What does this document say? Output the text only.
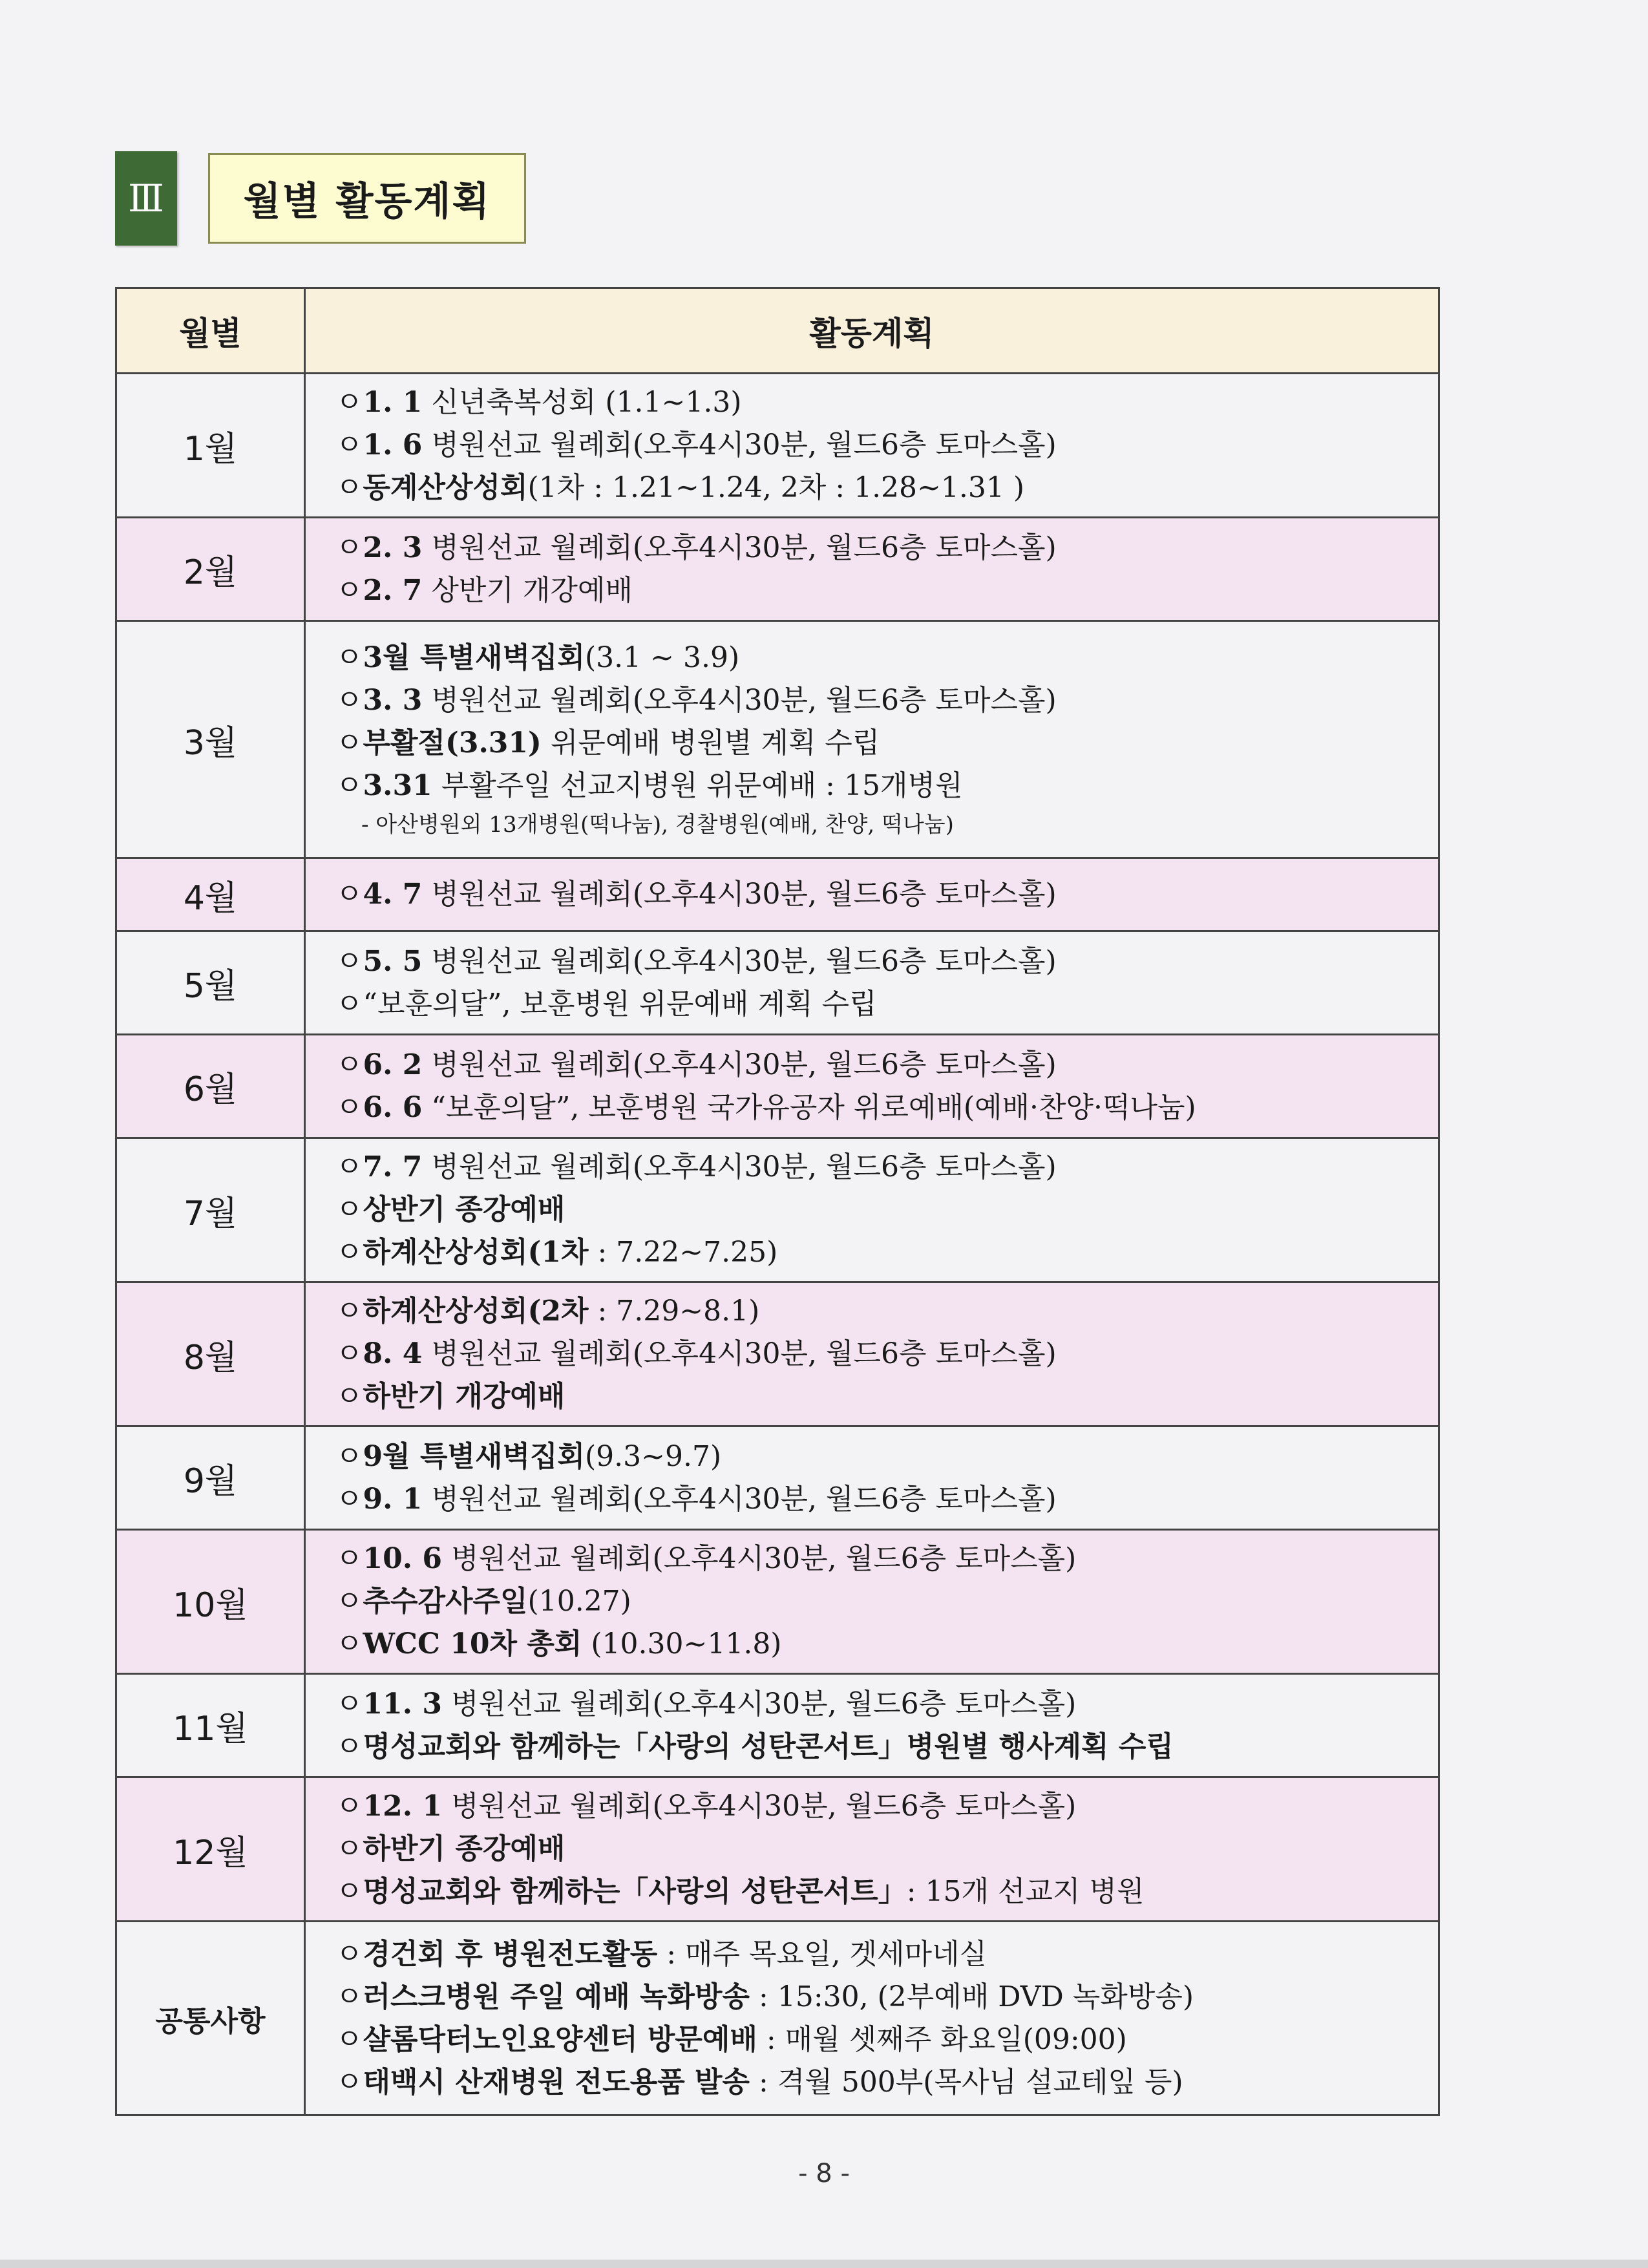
Ⅲ	월별 활동계획
월별	활동계획
1월	ㅇ1. 1 신년축복성회 (1.1~1.3)
ㅇ1. 6 병원선교 월례회(오후4시30분, 월드6층 토마스홀)
ㅇ동계산상성회(1차 : 1.21~1.24, 2차 : 1.28~1.31 )

2월	ㅇ2. 3 병원선교 월례회(오후4시30분, 월드6층 토마스홀)
ㅇ2. 7 상반기 개강예배

3월	ㅇ3월 특별새벽집회(3.1 ~ 3.9)
ㅇ3. 3 병원선교 월례회(오후4시30분, 월드6층 토마스홀)
ㅇ부활절(3.31) 위문예배 병원별 계획 수립
ㅇ3.31 부활주일 선교지병원 위문예배 : 15개병원
- 아산병원외 13개병원(떡나눔), 경찰병원(예배, 찬양, 떡나눔)

4월	ㅇ4. 7 병원선교 월례회(오후4시30분, 월드6층 토마스홀)

5월	ㅇ5. 5 병원선교 월례회(오후4시30분, 월드6층 토마스홀)
ㅇ“보훈의달”, 보훈병원 위문예배 계획 수립

6월	ㅇ6. 2 병원선교 월례회(오후4시30분, 월드6층 토마스홀)
ㅇ6. 6 “보훈의달”, 보훈병원 국가유공자 위로예배(예배·찬양·떡나눔)

7월	ㅇ7. 7 병원선교 월례회(오후4시30분, 월드6층 토마스홀)
ㅇ상반기 종강예배
ㅇ하계산상성회(1차 : 7.22~7.25)

8월	ㅇ하계산상성회(2차 : 7.29~8.1)
ㅇ8. 4 병원선교 월례회(오후4시30분, 월드6층 토마스홀)
ㅇ하반기 개강예배

9월	ㅇ9월 특별새벽집회(9.3~9.7)
ㅇ9. 1 병원선교 월례회(오후4시30분, 월드6층 토마스홀)

10월	ㅇ10. 6 병원선교 월례회(오후4시30분, 월드6층 토마스홀)
ㅇ추수감사주일(10.27)
ㅇWCC 10차 총회 (10.30~11.8)

11월	ㅇ11. 3 병원선교 월례회(오후4시30분, 월드6층 토마스홀)
ㅇ명성교회와 함께하는「사랑의 성탄콘서트」병원별 행사계획 수립

12월	ㅇ12. 1 병원선교 월례회(오후4시30분, 월드6층 토마스홀)
ㅇ하반기 종강예배
ㅇ명성교회와 함께하는「사랑의 성탄콘서트」: 15개 선교지 병원

공통사항	ㅇ경건회 후 병원전도활동 : 매주 목요일, 겟세마네실
ㅇ러스크병원 주일 예배 녹화방송 : 15:30, (2부예배 DVD 녹화방송)
ㅇ샬롬닥터노인요양센터 방문예배 : 매월 셋째주 화요일(09:00)
ㅇ태백시 산재병원 전도용품 발송 : 격월 500부(목사님 설교테잎 등)
- 8 -
